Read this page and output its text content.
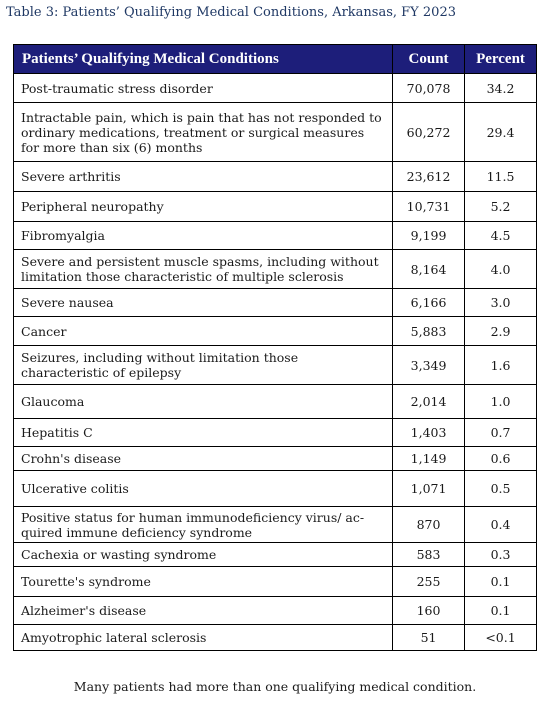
Table 3: Patients’ Qualifying Medical Conditions, Arkansas, FY 2023
Patients’ Qualifying Medical Conditions	Count	Percent
Post-traumatic stress disorder	70,078	34.2
Intractable pain, which is pain that has not responded to ordinary medications, treatment or surgical measures for more than six (6) months	60,272	29.4
Severe arthritis	23,612	11.5
Peripheral neuropathy	10,731	5.2
Fibromyalgia	9,199	4.5
Severe and persistent muscle spasms, including without limitation those characteristic of multiple sclerosis	8,164	4.0
Severe nausea	6,166	3.0
Cancer	5,883	2.9
Seizures, including without limitation those characteristic of epilepsy	3,349	1.6
Glaucoma	2,014	1.0
Hepatitis C	1,403	0.7
Crohn's disease	1,149	0.6
Ulcerative colitis	1,071	0.5
Positive status for human immunodeficiency virus/ acquired immune deficiency syndrome	870	0.4
Cachexia or wasting syndrome	583	0.3
Tourette's syndrome	255	0.1
Alzheimer's disease	160	0.1
Amyotrophic lateral sclerosis	51	<0.1
Many patients had more than one qualifying medical condition.
